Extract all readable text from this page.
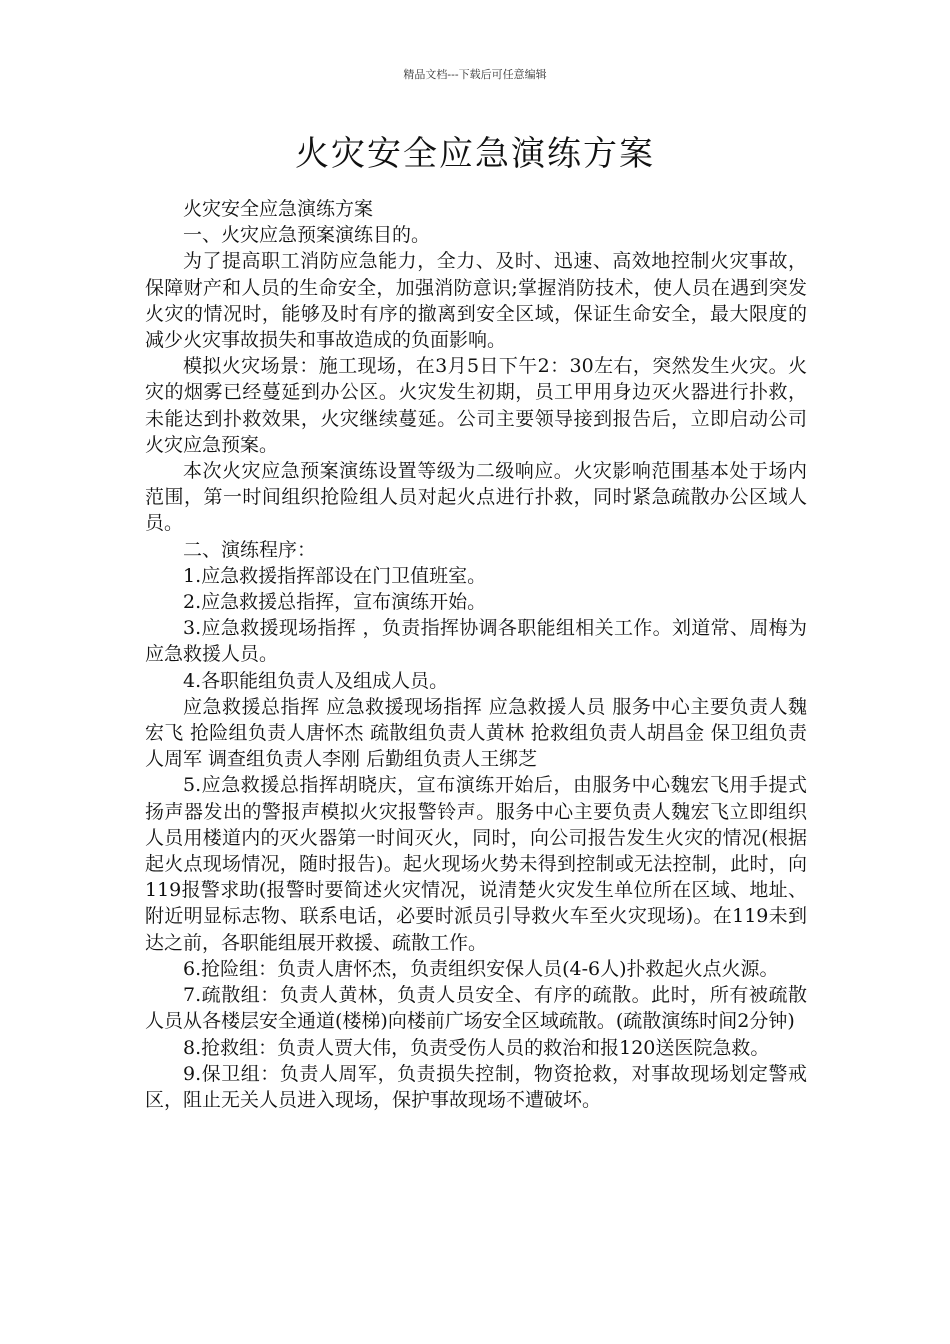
精品文档---下载后可任意编辑
火灾安全应急演练方案

火灾安全应急演练方案

一、火灾应急预案演练目的。

为了提高职工消防应急能力，全力、及时、迅速、高效地控制火灾事故，保障财产和人员的生命安全，加强消防意识;掌握消防技术，使人员在遇到突发火灾的情况时，能够及时有序的撤离到安全区域，保证生命安全，最大限度的减少火灾事故损失和事故造成的负面影响。

模拟火灾场景：施工现场，在3月5日下午2：30左右，突然发生火灾。火灾的烟雾已经蔓延到办公区。火灾发生初期，员工甲用身边灭火器进行扑救，未能达到扑救效果，火灾继续蔓延。公司主要领导接到报告后，立即启动公司火灾应急预案。

本次火灾应急预案演练设置等级为二级响应。火灾影响范围基本处于场内范围，第一时间组织抢险组人员对起火点进行扑救，同时紧急疏散办公区域人员。

二、演练程序：

1.应急救援指挥部设在门卫值班室。

2.应急救援总指挥，宣布演练开始。

3.应急救援现场指挥 ，负责指挥协调各职能组相关工作。刘道常、周梅为应急救援人员。

4.各职能组负责人及组成人员。

应急救援总指挥 应急救援现场指挥 应急救援人员 服务中心主要负责人魏宏飞 抢险组负责人唐怀杰 疏散组负责人黄林 抢救组负责人胡昌金 保卫组负责人周军 调查组负责人李刚 后勤组负责人王绑芝

5.应急救援总指挥胡晓庆，宣布演练开始后，由服务中心魏宏飞用手提式扬声器发出的警报声模拟火灾报警铃声。服务中心主要负责人魏宏飞立即组织人员用楼道内的灭火器第一时间灭火，同时，向公司报告发生火灾的情况(根据起火点现场情况，随时报告)。起火现场火势未得到控制或无法控制，此时，向119报警求助(报警时要简述火灾情况，说清楚火灾发生单位所在区域、地址、附近明显标志物、联系电话，必要时派员引导救火车至火灾现场)。在119未到达之前，各职能组展开救援、疏散工作。

6.抢险组：负责人唐怀杰，负责组织安保人员(4-6人)扑救起火点火源。

7.疏散组：负责人黄林，负责人员安全、有序的疏散。此时，所有被疏散人员从各楼层安全通道(楼梯)向楼前广场安全区域疏散。(疏散演练时间2分钟)

8.抢救组：负责人贾大伟，负责受伤人员的救治和报120送医院急救。

9.保卫组：负责人周军，负责损失控制，物资抢救，对事故现场划定警戒区，阻止无关人员进入现场，保护事故现场不遭破坏。
